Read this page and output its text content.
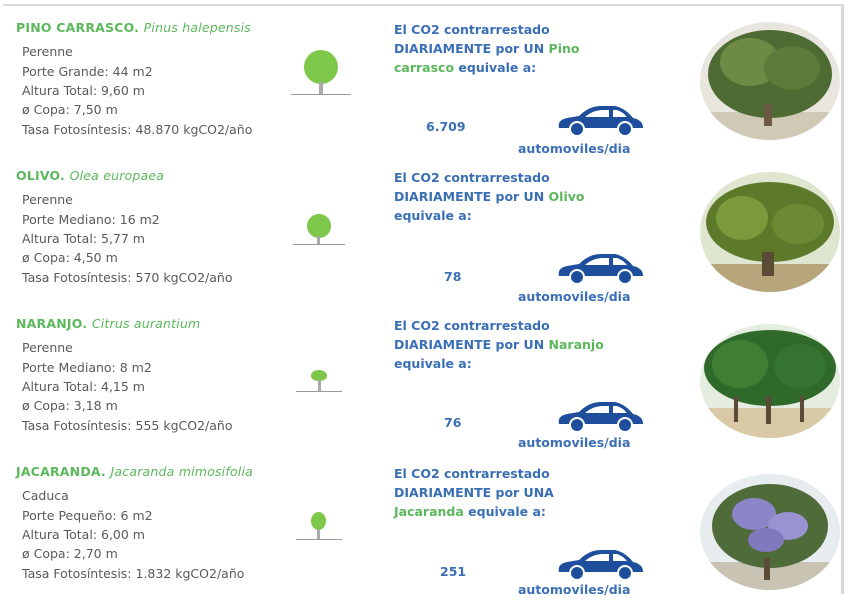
PINO CARRASCO. Pinus halepensis
Perenne
Porte Grande: 44 m2
Altura Total: 9,60 m
ø Copa: 7,50 m
Tasa Fotosíntesis: 48.870 kgCO2/año
El CO2 contrarrestado
DIARIAMENTE por UN Pino
carrasco equivale a:
6.709
automoviles/dia
OLIVO. Olea europaea
Perenne
Porte Mediano: 16 m2
Altura Total: 5,77 m
ø Copa: 4,50 m
Tasa Fotosíntesis: 570 kgCO2/año
El CO2 contrarrestado
DIARIAMENTE por UN Olivo
equivale a:
78
automoviles/dia
NARANJO. Citrus aurantium
Perenne
Porte Mediano: 8 m2
Altura Total: 4,15 m
ø Copa: 3,18 m
Tasa Fotosíntesis: 555 kgCO2/año
El CO2 contrarrestado
DIARIAMENTE por UN Naranjo
equivale a:
76
automoviles/dia
JACARANDA. Jacaranda mimosifolia
Caduca
Porte Pequeño: 6 m2
Altura Total: 6,00 m
ø Copa: 2,70 m
Tasa Fotosíntesis: 1.832 kgCO2/año
El CO2 contrarrestado
DIARIAMENTE por UNA
Jacaranda equivale a:
251
automoviles/dia
